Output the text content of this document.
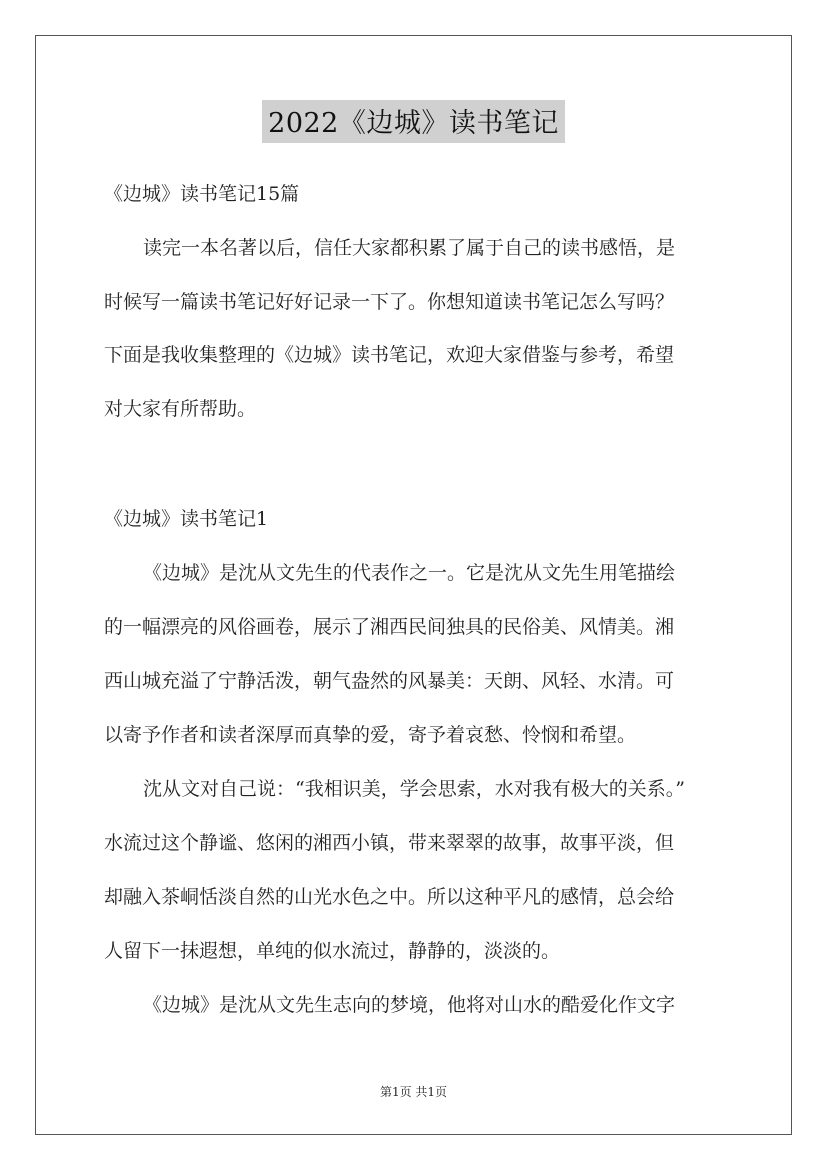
2022《边城》读书笔记

《边城》读书笔记15篇

读完一本名著以后，信任大家都积累了属于自己的读书感悟，是

时候写一篇读书笔记好好记录一下了。你想知道读书笔记怎么写吗？

下面是我收集整理的《边城》读书笔记，欢迎大家借鉴与参考，希望

对大家有所帮助。

《边城》读书笔记1

《边城》是沈从文先生的代表作之一。它是沈从文先生用笔描绘

的一幅漂亮的风俗画卷，展示了湘西民间独具的民俗美、风情美。湘

西山城充溢了宁静活泼，朝气盎然的风暴美：天朗、风轻、水清。可

以寄予作者和读者深厚而真挚的爱，寄予着哀愁、怜悯和希望。

沈从文对自己说：“我相识美，学会思索，水对我有极大的关系。”

水流过这个静谧、悠闲的湘西小镇，带来翠翠的故事，故事平淡，但

却融入茶峒恬淡自然的山光水色之中。所以这种平凡的感情，总会给

人留下一抹遐想，单纯的似水流过，静静的，淡淡的。

《边城》是沈从文先生志向的梦境，他将对山水的酷爱化作文字

第1页 共1页
